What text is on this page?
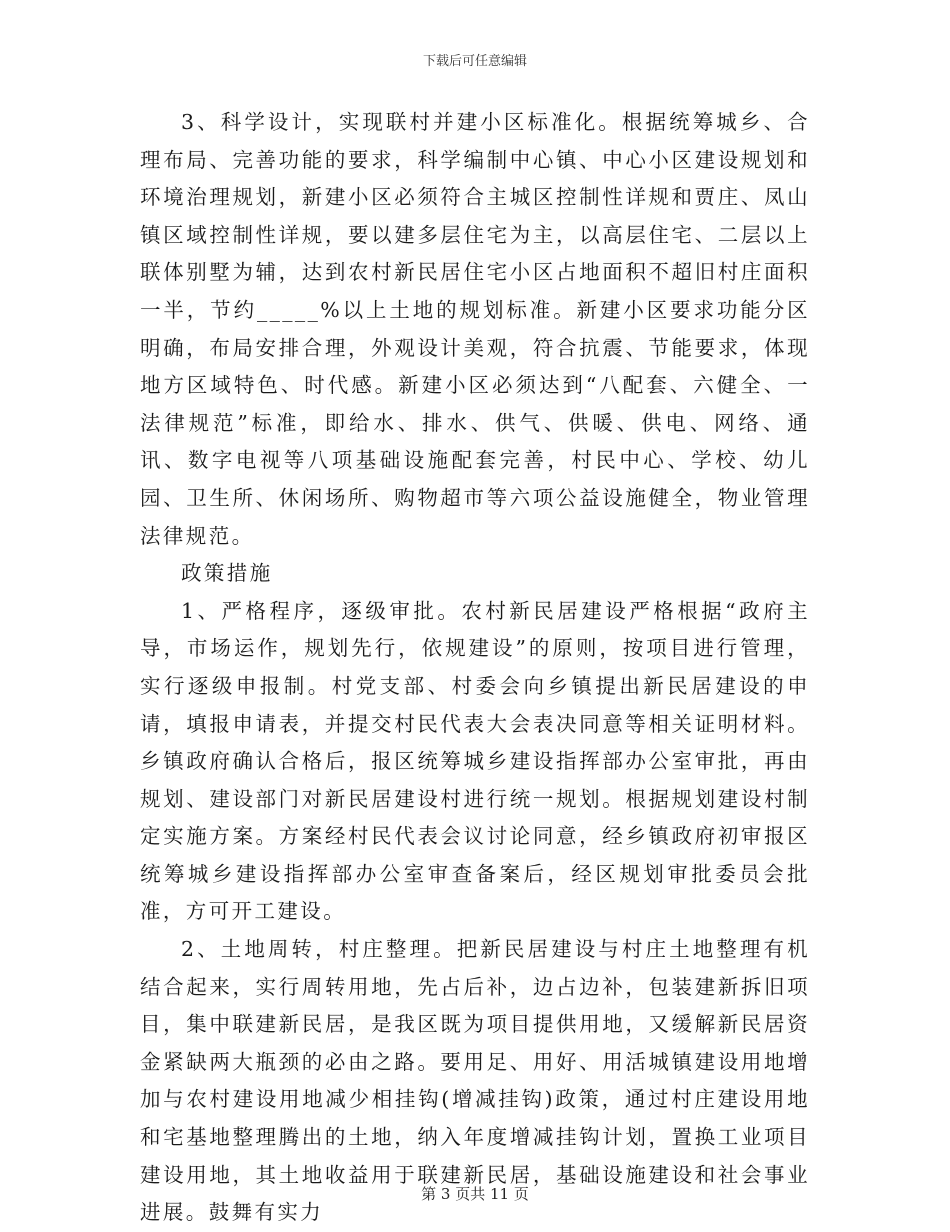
下载后可任意编辑

3、科学设计，实现联村并建小区标准化。根据统筹城乡、合理布局、完善功能的要求，科学编制中心镇、中心小区建设规划和环境治理规划，新建小区必须符合主城区控制性详规和贾庄、凤山镇区域控制性详规，要以建多层住宅为主，以高层住宅、二层以上联体别墅为辅，达到农村新民居住宅小区占地面积不超旧村庄面积一半，节约_____%以上土地的规划标准。新建小区要求功能分区明确，布局安排合理，外观设计美观，符合抗震、节能要求，体现地方区域特色、时代感。新建小区必须达到“八配套、六健全、一法律规范”标准，即给水、排水、供气、供暖、供电、网络、通讯、数字电视等八项基础设施配套完善，村民中心、学校、幼儿园、卫生所、休闲场所、购物超市等六项公益设施健全，物业管理法律规范。

政策措施

1、严格程序，逐级审批。农村新民居建设严格根据“政府主导，市场运作，规划先行，依规建设”的原则，按项目进行管理，实行逐级申报制。村党支部、村委会向乡镇提出新民居建设的申请，填报申请表，并提交村民代表大会表决同意等相关证明材料。乡镇政府确认合格后，报区统筹城乡建设指挥部办公室审批，再由规划、建设部门对新民居建设村进行统一规划。根据规划建设村制定实施方案。方案经村民代表会议讨论同意，经乡镇政府初审报区统筹城乡建设指挥部办公室审查备案后，经区规划审批委员会批准，方可开工建设。

2、土地周转，村庄整理。把新民居建设与村庄土地整理有机结合起来，实行周转用地，先占后补，边占边补，包装建新拆旧项目，集中联建新民居，是我区既为项目提供用地，又缓解新民居资金紧缺两大瓶颈的必由之路。要用足、用好、用活城镇建设用地增加与农村建设用地减少相挂钩(增减挂钩)政策，通过村庄建设用地和宅基地整理腾出的土地，纳入年度增减挂钩计划，置换工业项目建设用地，其土地收益用于联建新民居，基础设施建设和社会事业进展。鼓舞有实力

第 3 页共 11 页
